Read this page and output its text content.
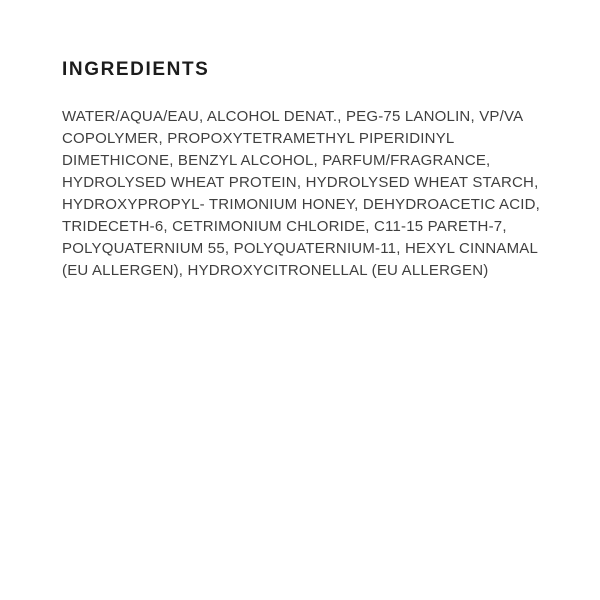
INGREDIENTS

WATER/AQUA/EAU, ALCOHOL DENAT., PEG-75 LANOLIN, VP/VA
COPOLYMER, PROPOXYTETRAMETHYL PIPERIDINYL
DIMETHICONE, BENZYL ALCOHOL, PARFUM/FRAGRANCE,
HYDROLYSED WHEAT PROTEIN, HYDROLYSED WHEAT STARCH,
HYDROXYPROPYL- TRIMONIUM HONEY, DEHYDROACETIC ACID,
TRIDECETH-6, CETRIMONIUM CHLORIDE, C11-15 PARETH-7,
POLYQUATERNIUM 55, POLYQUATERNIUM-11, HEXYL CINNAMAL
(EU ALLERGEN), HYDROXYCITRONELLAL (EU ALLERGEN)
